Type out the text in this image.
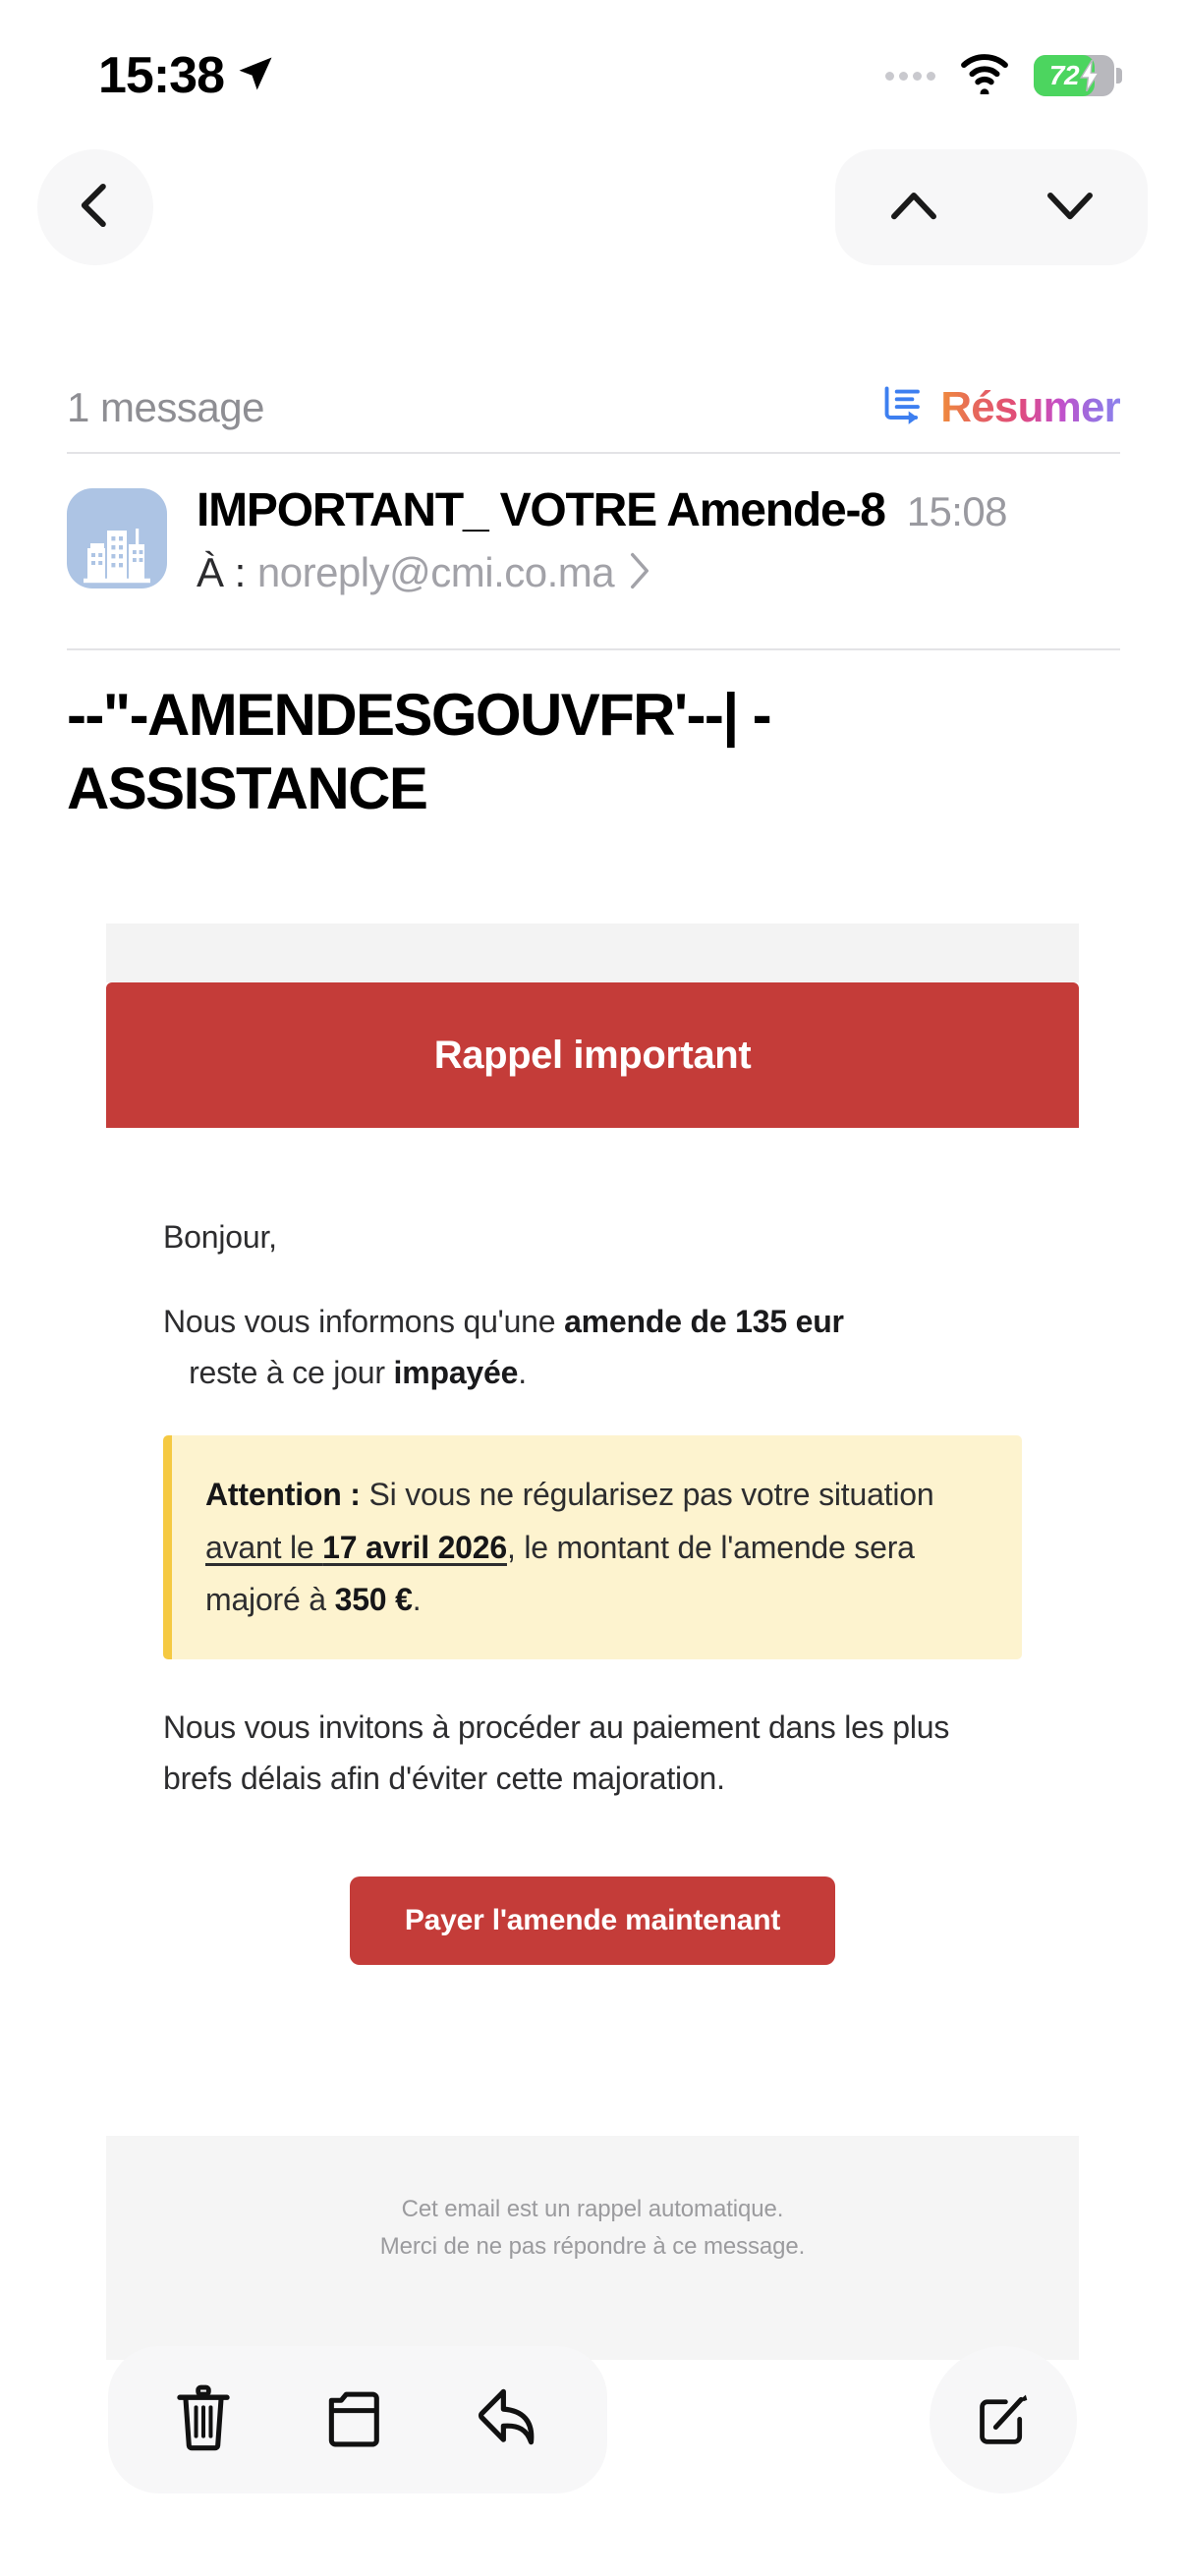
15:38	72
1 message	Résumer
IMPORTANT_ VOTRE Amende-8 15:08
À : noreply@cmi.co.ma
--"-AMENDESGOUVFR'--| -ASSISTANCE
Rappel important

Bonjour,

Nous vous informons qu'une amende de 135 eur   reste à ce jour impayée.

Attention : Si vous ne régularisez pas votre situation avant le 17 avril 2026, le montant de l'amende sera majoré à 350 €.

Nous vous invitons à procéder au paiement dans les plus brefs délais afin d'éviter cette majoration.

Payer l'amende maintenant
Cet email est un rappel automatique.
Merci de ne pas répondre à ce message.
